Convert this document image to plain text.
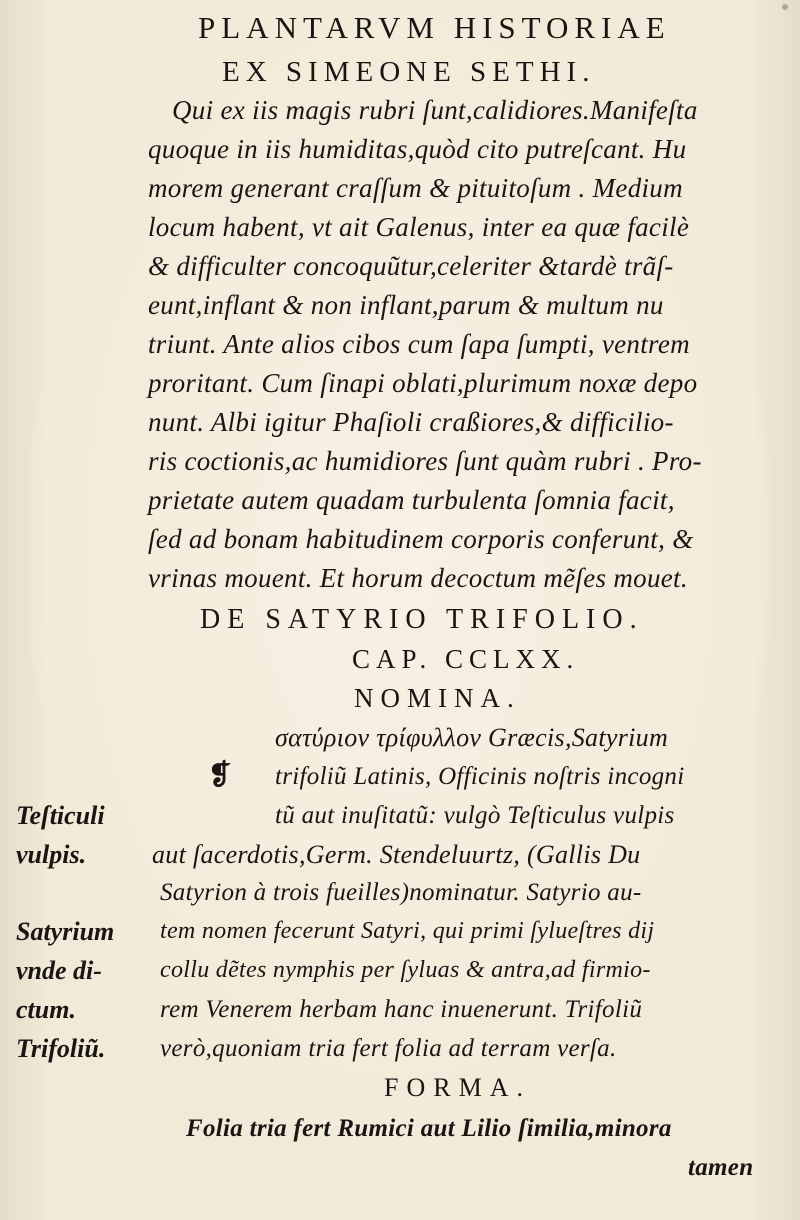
PLANTARVM HISTORIAE
EX SIMEONE SETHI.
Qui ex iis magis rubri ſunt,calidiores.Manifeſta
quoque in iis humiditas,quòd cito putreſcant. Hu
morem generant craſſum & pituitoſum . Medium
locum habent, vt ait Galenus, inter ea quæ facilè
& difficulter concoquũtur,celeriter &tardè trãſ-
eunt,inflant & non inflant,parum & multum nu
triunt. Ante alios cibos cum ſapa ſumpti, ventrem
proritant. Cum ſinapi oblati,plurimum noxæ depo
nunt. Albi igitur Phaſioli craßiores,& difficilio-
ris coctionis,ac humidiores ſunt quàm rubri . Pro-
prietate autem quadam turbulenta ſomnia facit,
ſed ad bonam habitudinem corporis conferunt, &
vrinas mouent. Et horum decoctum mẽſes mouet.
DE SATYRIO TRIFOLIO.
CAP. CCLXX.
NOMINA.
σατύριον τρίφυλλον Græcis,Satyrium
❡ trifoliũ Latinis, Officinis noſtris incogni
tũ aut inuſitatũ: vulgò Teſticulus vulpis
aut ſacerdotis,Germ. Stendeluurtz, (Gallis Du
Satyrion à trois fueilles)nominatur. Satyrio au-
tem nomen fecerunt Satyri, qui primi ſylueſtres dij
collu dẽtes nymphis per ſyluas & antra,ad firmio-
rem Venerem herbam hanc inuenerunt. Trifoliũ
verò,quoniam tria fert folia ad terram verſa.
Teſticuli
vulpis.
Satyrium
vnde di-
ctum.
Trifoliũ.
FORMA.
Folia tria fert Rumici aut Lilio ſimilia,minora
tamen
